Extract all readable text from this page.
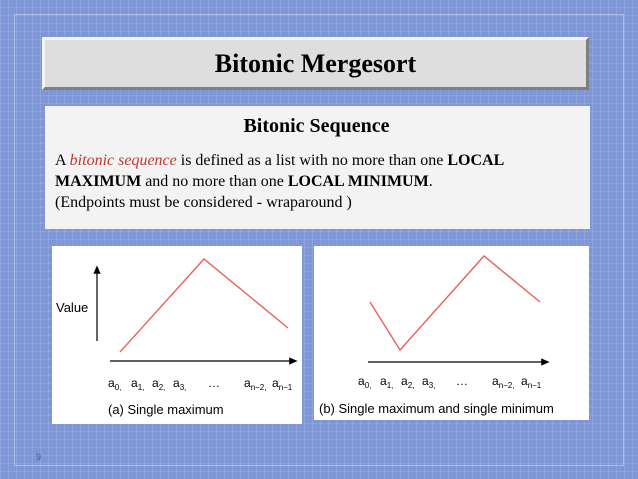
Bitonic Mergesort
Bitonic Sequence
A bitonic sequence is defined as a list with no more than one LOCAL MAXIMUM and no more than one LOCAL MINIMUM.
(Endpoints must be considered - wraparound )
Value
$a_{0,}$ $a_{1,}$ $a_{2,}$ $a_{3,}$ … $a_{n-2,}$ $a_{n-1}$
(a) Single maximum
$a_{0,}$ $a_{1,}$ $a_{2,}$ $a_{3,}$ … $a_{n-2,}$ $a_{n-1}$
(b) Single maximum and single minimum
9
